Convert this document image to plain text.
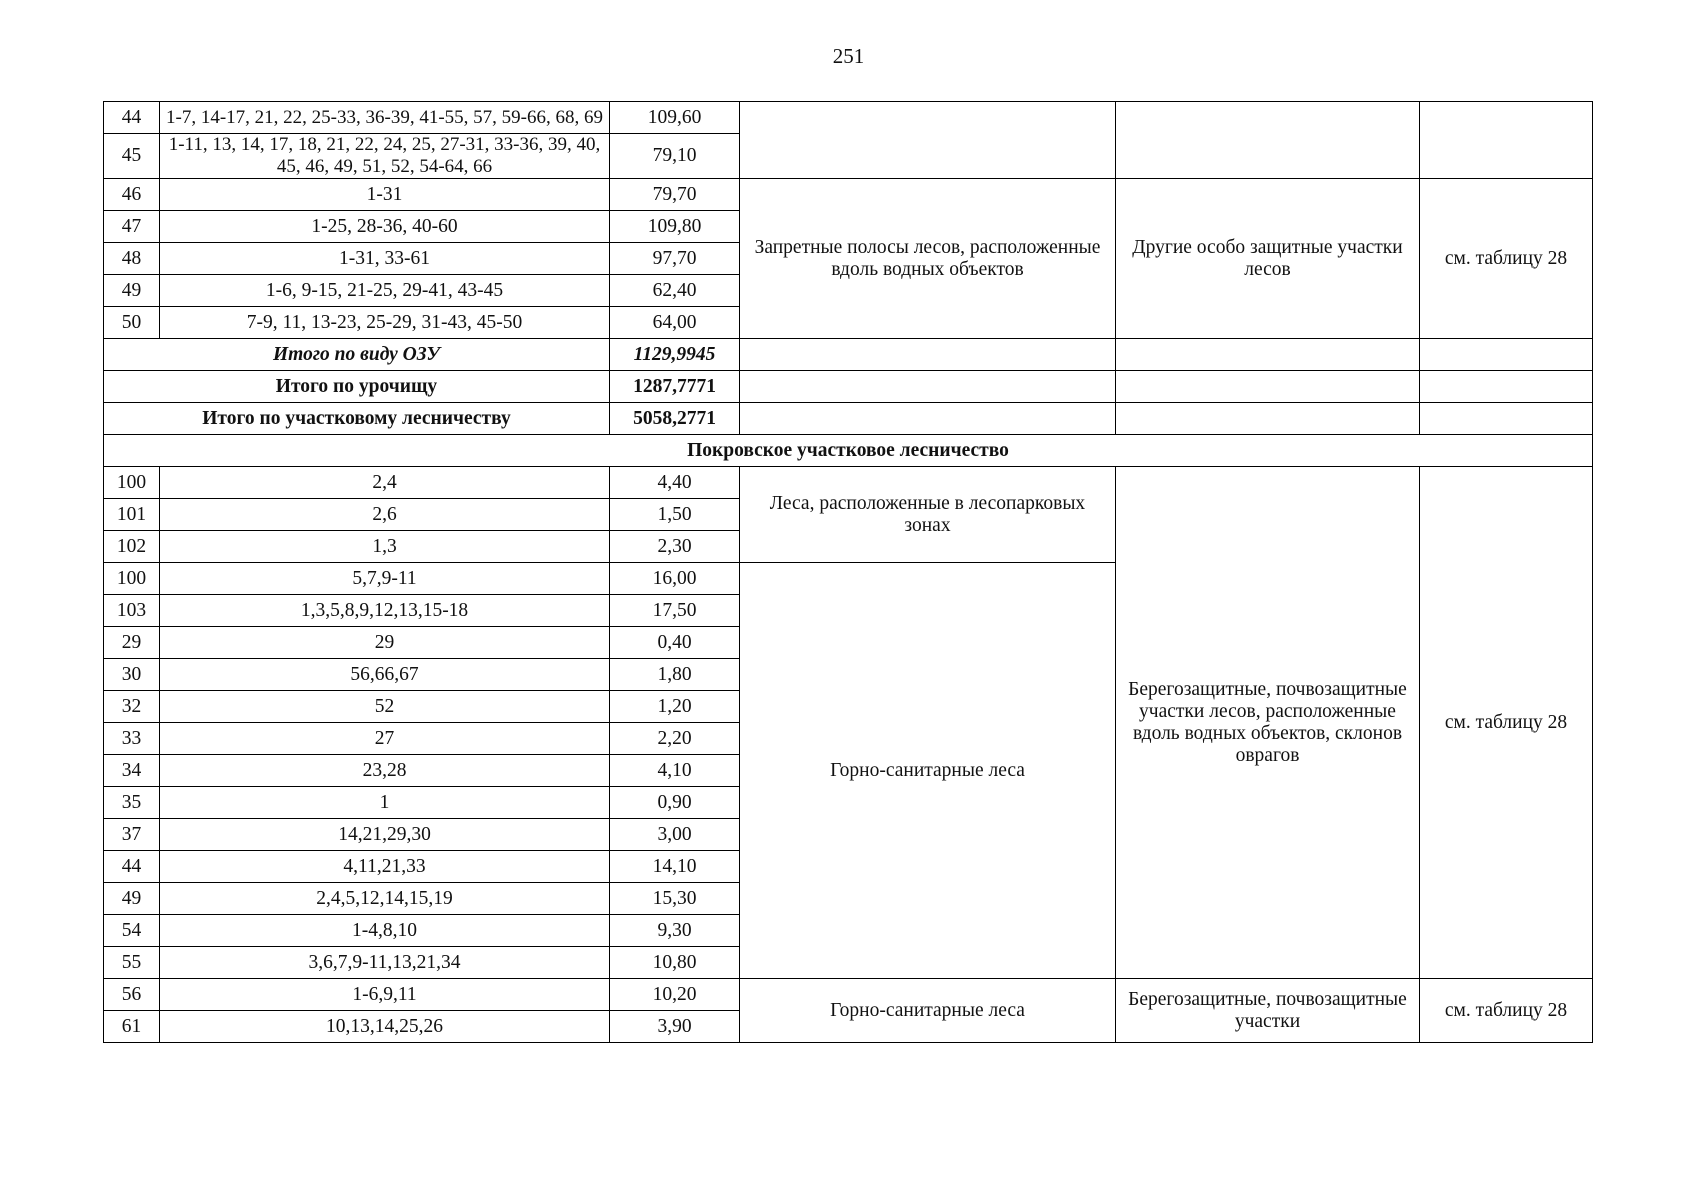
251
44	1-7, 14-17, 21, 22, 25-33, 36-39, 41-55, 57, 59-66, 68, 69	109,60			
45	1-11, 13, 14, 17, 18, 21, 22, 24, 25, 27-31, 33-36, 39, 40, 45, 46, 49, 51, 52, 54-64, 66	79,10			
46	1-31	79,70	Запретные полосы лесов, расположенные вдоль водных объектов	Другие особо защитные участки лесов	см. таблицу 28
47	1-25, 28-36, 40-60	109,80			
48	1-31, 33-61	97,70			
49	1-6, 9-15, 21-25, 29-41, 43-45	62,40			
50	7-9, 11, 13-23, 25-29, 31-43, 45-50	64,00			
Итого по виду ОЗУ		1129,9945			
Итого по урочищу		1287,7771			
Итого по участковому лесничеству		5058,2771			
Покровское участковое лесничество					
100	2,4	4,40	Леса, расположенные в лесопарковых зонах	Берегозащитные, почвозащитные участки лесов, расположенные вдоль водных объектов, склонов оврагов	см. таблицу 28
101	2,6	1,50			
102	1,3	2,30			
100	5,7,9-11	16,00	Горно-санитарные леса		
103	1,3,5,8,9,12,13,15-18	17,50			
29	29	0,40			
30	56,66,67	1,80			
32	52	1,20			
33	27	2,20			
34	23,28	4,10			
35	1	0,90			
37	14,21,29,30	3,00			
44	4,11,21,33	14,10			
49	2,4,5,12,14,15,19	15,30			
54	1-4,8,10	9,30			
55	3,6,7,9-11,13,21,34	10,80			
56	1-6,9,11	10,20	Горно-санитарные леса	Берегозащитные, почвозащитные участки	см. таблицу 28
61	10,13,14,25,26	3,90			
